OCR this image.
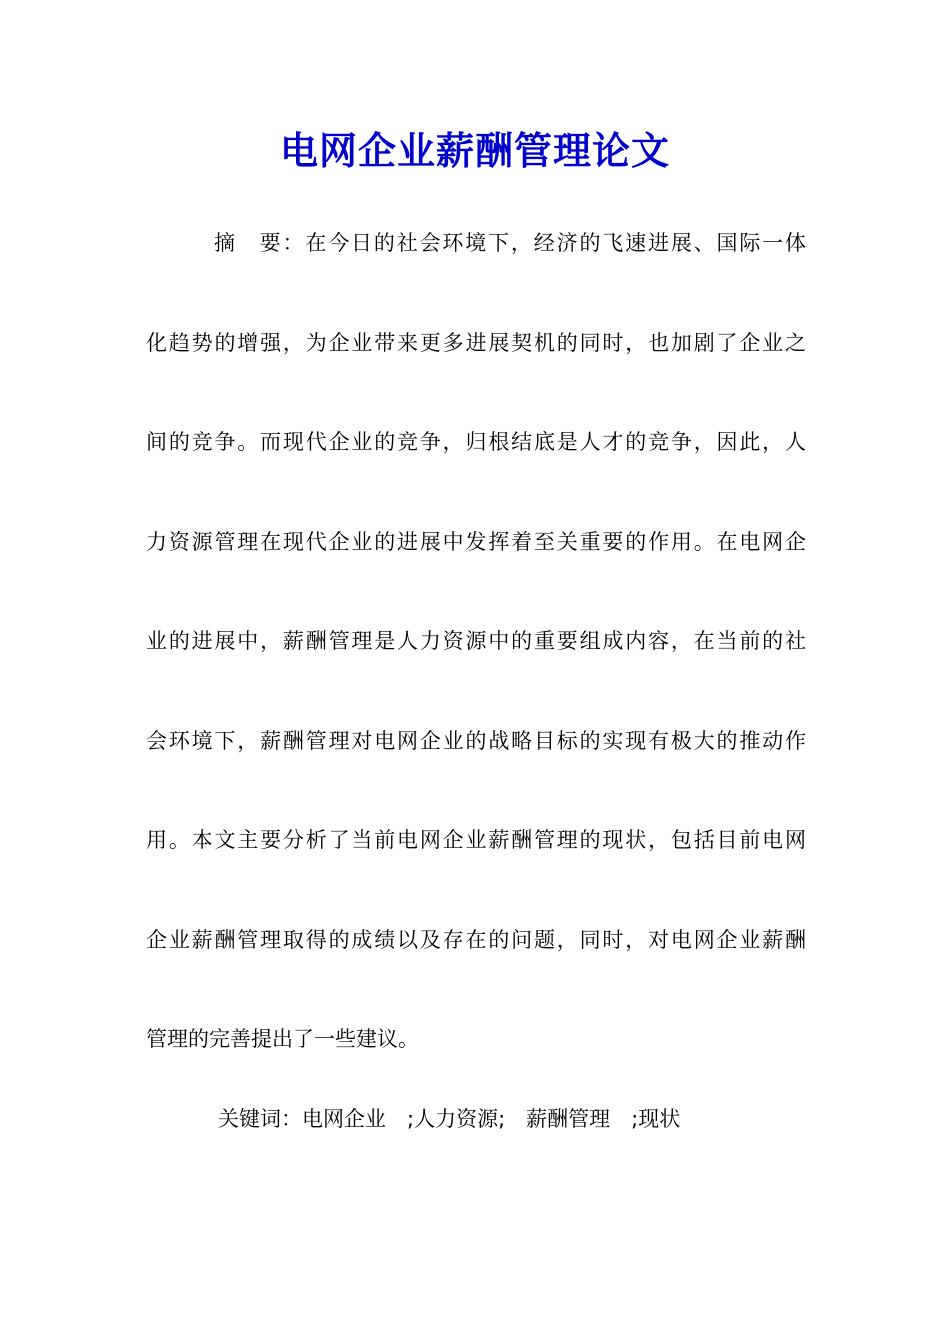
电网企业薪酬管理论文
摘　要：在今日的社会环境下，经济的飞速进展、国际一体
化趋势的增强，为企业带来更多进展契机的同时，也加剧了企业之
间的竞争。而现代企业的竞争，归根结底是人才的竞争，因此，人
力资源管理在现代企业的进展中发挥着至关重要的作用。在电网企
业的进展中，薪酬管理是人力资源中的重要组成内容，在当前的社
会环境下，薪酬管理对电网企业的战略目标的实现有极大的推动作
用。本文主要分析了当前电网企业薪酬管理的现状，包括目前电网
企业薪酬管理取得的成绩以及存在的问题，同时，对电网企业薪酬
管理的完善提出了一些建议。
关键词：电网企业　;人力资源;　薪酬管理　;现状
